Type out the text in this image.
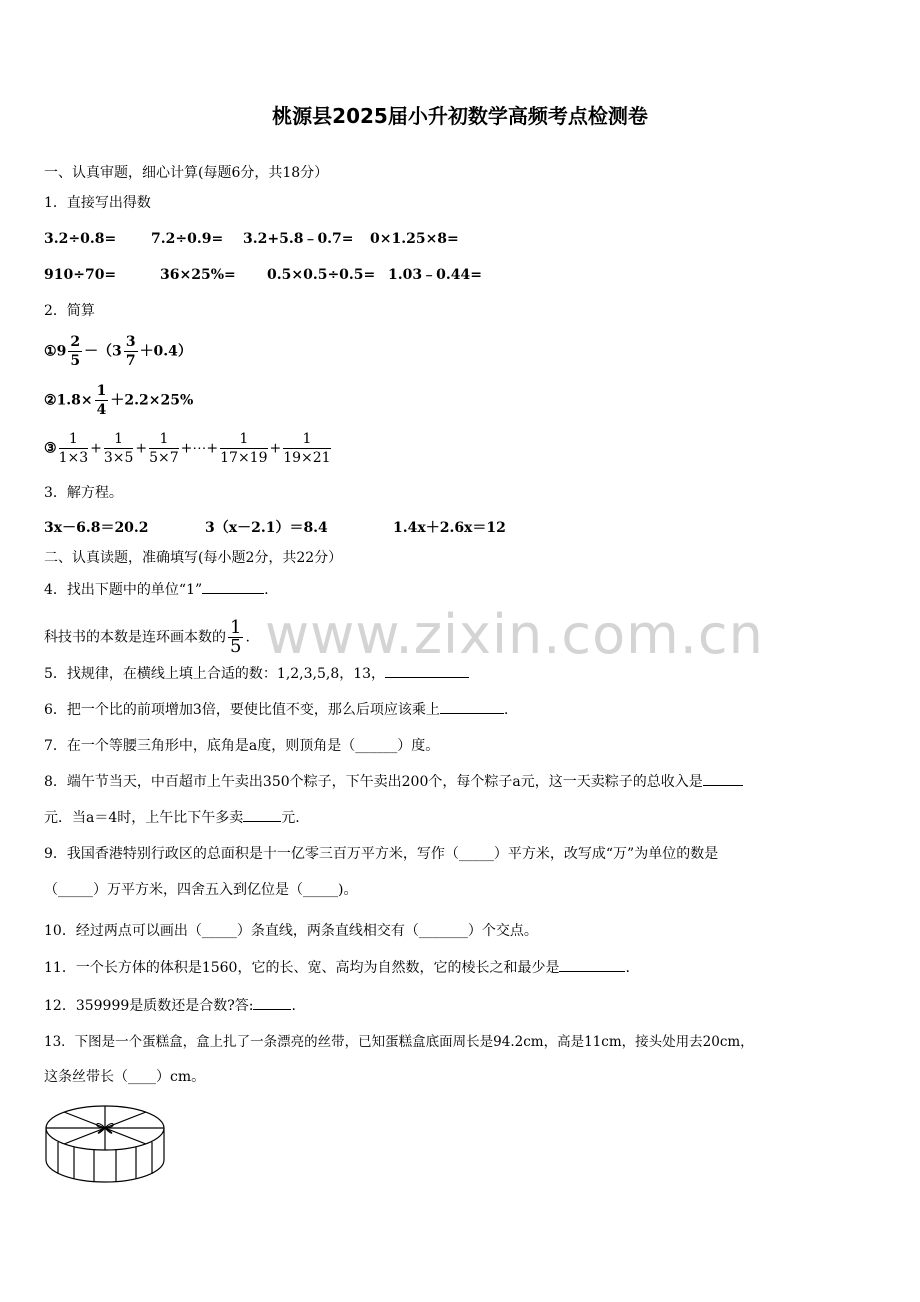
桃源县2025届小升初数学高频考点检测卷
www.zixin.com.cn
一、认真审题，细心计算(每题6分，共18分）
1．直接写出得数
3.2÷0.8= 7.2÷0.9= 3.2+5.8﹣0.7= 0×1.25×8=
910÷70=	36×25%= 0.5×0.5÷0.5= 1.03﹣0.44=
2．简算
①9 $\frac{2}{5} -(3 \frac{3}{7} +0.4)$
②1.8× $\frac{1}{4} +2.2\times 25\%$
③ $\frac{1}{1\times 3} + \frac{1}{3\times 5} + \frac{1}{5\times 7}$ +⋯+ $\frac{1}{17\times 19} + \frac{1}{19\times 21}$
3．解方程。
3x－6.8＝20.2	3（x－2.1）＝8.4	1.4x＋2.6x＝12
二、认真读题，准确填写(每小题2分，共22分）
4．找出下题中的单位“1”	.
科技书的本数是连环画本数的 $\frac{1}{5}$ .
5．找规律，在横线上填上合适的数：1,2,3,5,8，13，
6．把一个比的前项增加3倍，要使比值不变，那么后项应该乘上	.
7．在一个等腰三角形中，底角是a度，则顶角是（______）度。
8．端午节当天，中百超市上午卖出350个粽子，下午卖出200个，每个粽子a元，这一天卖粽子的总收入是
元．当a＝4时，上午比下午多卖	元.
9．我国香港特别行政区的总面积是十一亿零三百万平方米，写作（_____）平方米，改写成“万”为单位的数是
（_____）万平方米，四舍五入到亿位是（_____)。
10．经过两点可以画出（_____）条直线，两条直线相交有（_______）个交点。
11．一个长方体的体积是1560，它的长、宽、高均为自然数，它的棱长之和最少是	.
12．359999是质数还是合数?答:	.
13．下图是一个蛋糕盒，盒上扎了一条漂亮的丝带，已知蛋糕盒底面周长是94.2cm，高是11cm，接头处用去20cm，
这条丝带长（____）cm。
